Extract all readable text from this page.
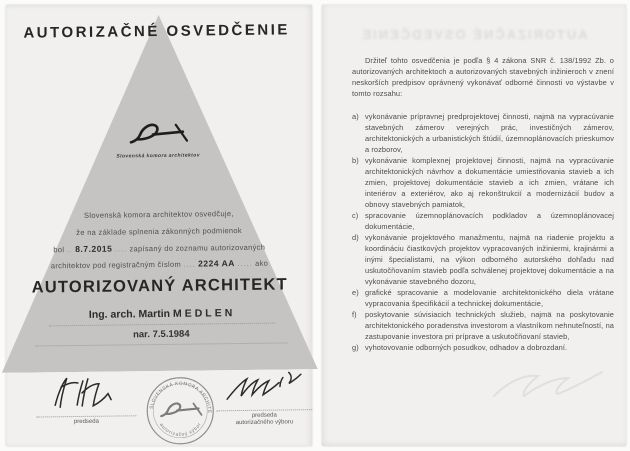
AUTORIZAČNÉ OSVEDČENIE
Slovenská komora architektov
Slovenská komora architektov osvedčuje,
že na základe splnenia zákonných podmienok
bol .. 8.7.2015 .... zapísaný do zoznamu autorizovaných
architektov pod registračným číslom .... 2224 AA ..... ako
AUTORIZOVANÝ ARCHITEKT
Ing. arch. Martin MEDLEN
nar. 7.5.1984
predseda
SLOVENSKÁ KOMORA ARCHITEKTOV
autorizačný výbor
predseda
autorizačného výboru
AUTORIZAČNÉ OSVEDČENIE

Držiteľ tohto osvedčenia je podľa § 4 zákona SNR č. 138/1992 Zb. o autorizovaných architektoch a autorizovaných stavebných inžinieroch v znení neskorších predpisov oprávnený vykonávať odborné činnosti vo výstavbe v tomto rozsahu:

a) vykonávanie prípravnej predprojektovej činnosti, najmä na vypracúvanie stavebných zámerov verejných prác, investičných zámerov, architektonických a urbanistických štúdií, územnoplánovacích prieskumov a rozborov,
b) vykonávanie komplexnej projektovej činnosti, najmä na vypracúvanie architektonických návrhov a dokumentácie umiestňovania stavieb a ich zmien, projektovej dokumentácie stavieb a ich zmien, vrátane ich interiérov a exteriérov, ako aj rekonštrukcií a modernizácií budov a obnovy stavebných pamiatok,
c) spracovanie územnoplánovacích podkladov a územnoplánovacej dokumentácie,
d) vykonávanie projektového manažmentu, najmä na riadenie projektu a koordináciu čiastkových projektov vypracovaných inžiniermi, krajinármi a inými špecialistami, na výkon odborného autorského dohľadu nad uskutočňovaním stavieb podľa schválenej projektovej dokumentácie a na vykonávanie stavebného dozoru,
e) grafické spracovanie a modelovanie architektonického diela vrátane vypracovania špecifikácií a technickej dokumentácie,
f) poskytovanie súvisiacich technických služieb, najmä na poskytovanie architektonického poradenstva investorom a vlastníkom nehnuteľností, na zastupovanie investora pri príprave a uskutočňovaní stavieb,
g) vyhotovovanie odborných posudkov, odhadov a dobrozdaní.
